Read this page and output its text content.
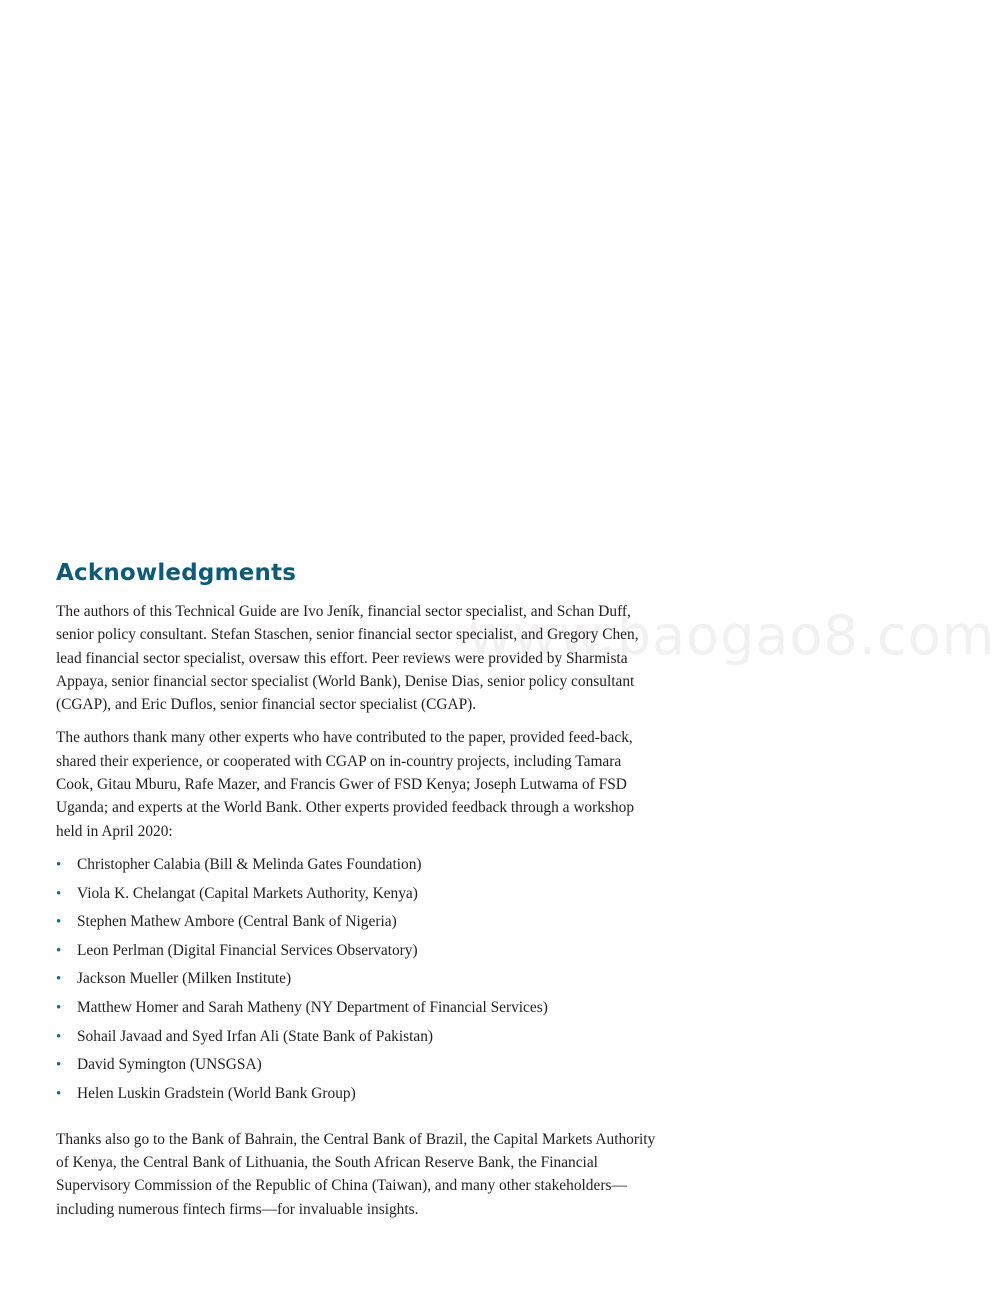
www.baogao8.com
Acknowledgments

The authors of this Technical Guide are Ivo Jeník, financial sector specialist, and Schan Duff, senior policy consultant. Stefan Staschen, senior financial sector specialist, and Gregory Chen, lead financial sector specialist, oversaw this effort. Peer reviews were provided by Sharmista Appaya, senior financial sector specialist (World Bank), Denise Dias, senior policy consultant (CGAP), and Eric Duflos, senior financial sector specialist (CGAP).

The authors thank many other experts who have contributed to the paper, provided feed-back, shared their experience, or cooperated with CGAP on in-country projects, including Tamara Cook, Gitau Mburu, Rafe Mazer, and Francis Gwer of FSD Kenya; Joseph Lutwama of FSD Uganda; and experts at the World Bank. Other experts provided feedback through a workshop held in April 2020:

•	Christopher Calabia (Bill & Melinda Gates Foundation)
•	Viola K. Chelangat (Capital Markets Authority, Kenya)
•	Stephen Mathew Ambore (Central Bank of Nigeria)
•	Leon Perlman (Digital Financial Services Observatory)
•	Jackson Mueller (Milken Institute)
•	Matthew Homer and Sarah Matheny (NY Department of Financial Services)
•	Sohail Javaad and Syed Irfan Ali (State Bank of Pakistan)
•	David Symington (UNSGSA)
•	Helen Luskin Gradstein (World Bank Group)

Thanks also go to the Bank of Bahrain, the Central Bank of Brazil, the Capital Markets Authority of Kenya, the Central Bank of Lithuania, the South African Reserve Bank, the Financial Supervisory Commission of the Republic of China (Taiwan), and many other stakeholders—including numerous fintech firms—for invaluable insights.
